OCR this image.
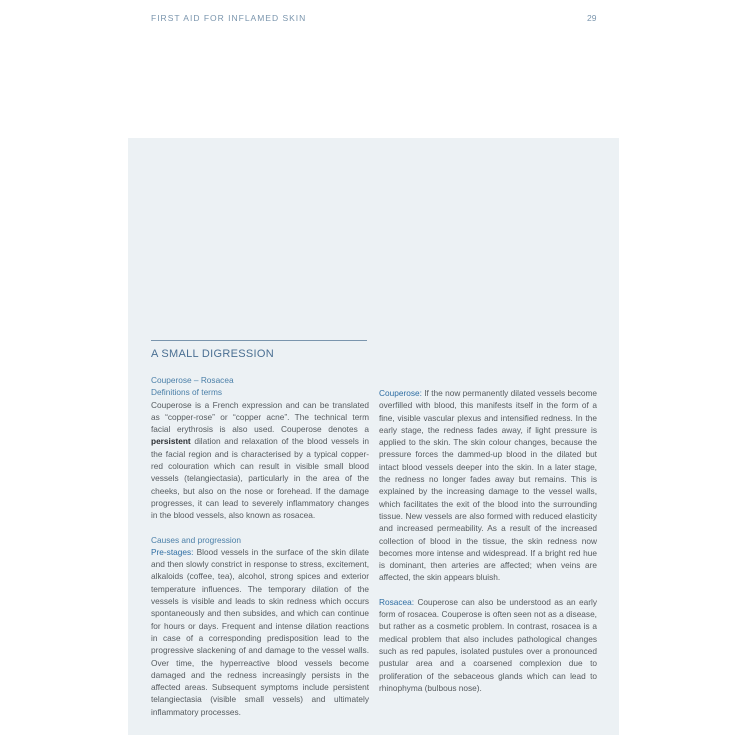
FIRST AID FOR INFLAMED SKIN	29
A SMALL DIGRESSION
Couperose – Rosacea
Definitions of terms

Couperose is a French expression and can be translated as “copper-rose” or “copper acne”. The technical term facial erythrosis is also used. Couperose denotes a persistent dilation and relaxation of the blood vessels in the facial region and is characterised by a typical copper-red colouration which can result in visible small blood vessels (telangiectasia), particularly in the area of the cheeks, but also on the nose or forehead. If the damage progresses, it can lead to severely inflammatory changes in the blood vessels, also known as rosacea.

Causes and progression
Pre-stages: Blood vessels in the surface of the skin dilate and then slowly constrict in response to stress, excitement, alkaloids (coffee, tea), alcohol, strong spices and exterior temperature influences. The temporary dilation of the vessels is visible and leads to skin redness which occurs spontaneously and then subsides, and which can continue for hours or days. Frequent and intense dilation reactions in case of a corresponding predisposition lead to the progressive slackening of and damage to the vessel walls. Over time, the hyperreactive blood vessels become damaged and the redness increasingly persists in the affected areas. Subsequent symptoms include persistent telangiectasia (visible small vessels) and ultimately inflammatory processes.

Couperose: If the now permanently dilated vessels become overfilled with blood, this manifests itself in the form of a fine, visible vascular plexus and intensified redness. In the early stage, the redness fades away, if light pressure is applied to the skin. The skin colour changes, because the pressure forces the dammed-up blood in the dilated but intact blood vessels deeper into the skin. In a later stage, the redness no longer fades away but remains. This is explained by the increasing damage to the vessel walls, which facilitates the exit of the blood into the surrounding tissue. New vessels are also formed with reduced elasticity and increased permeability. As a result of the increased collection of blood in the tissue, the skin redness now becomes more intense and widespread. If a bright red hue is dominant, then arteries are affected; when veins are affected, the skin appears bluish.

Rosacea: Couperose can also be understood as an early form of rosacea. Couperose is often seen not as a disease, but rather as a cosmetic problem. In contrast, rosacea is a medical problem that also includes pathological changes such as red papules, isolated pustules over a pronounced pustular area and a coarsened complexion due to proliferation of the sebaceous glands which can lead to rhinophyma (bulbous nose).
